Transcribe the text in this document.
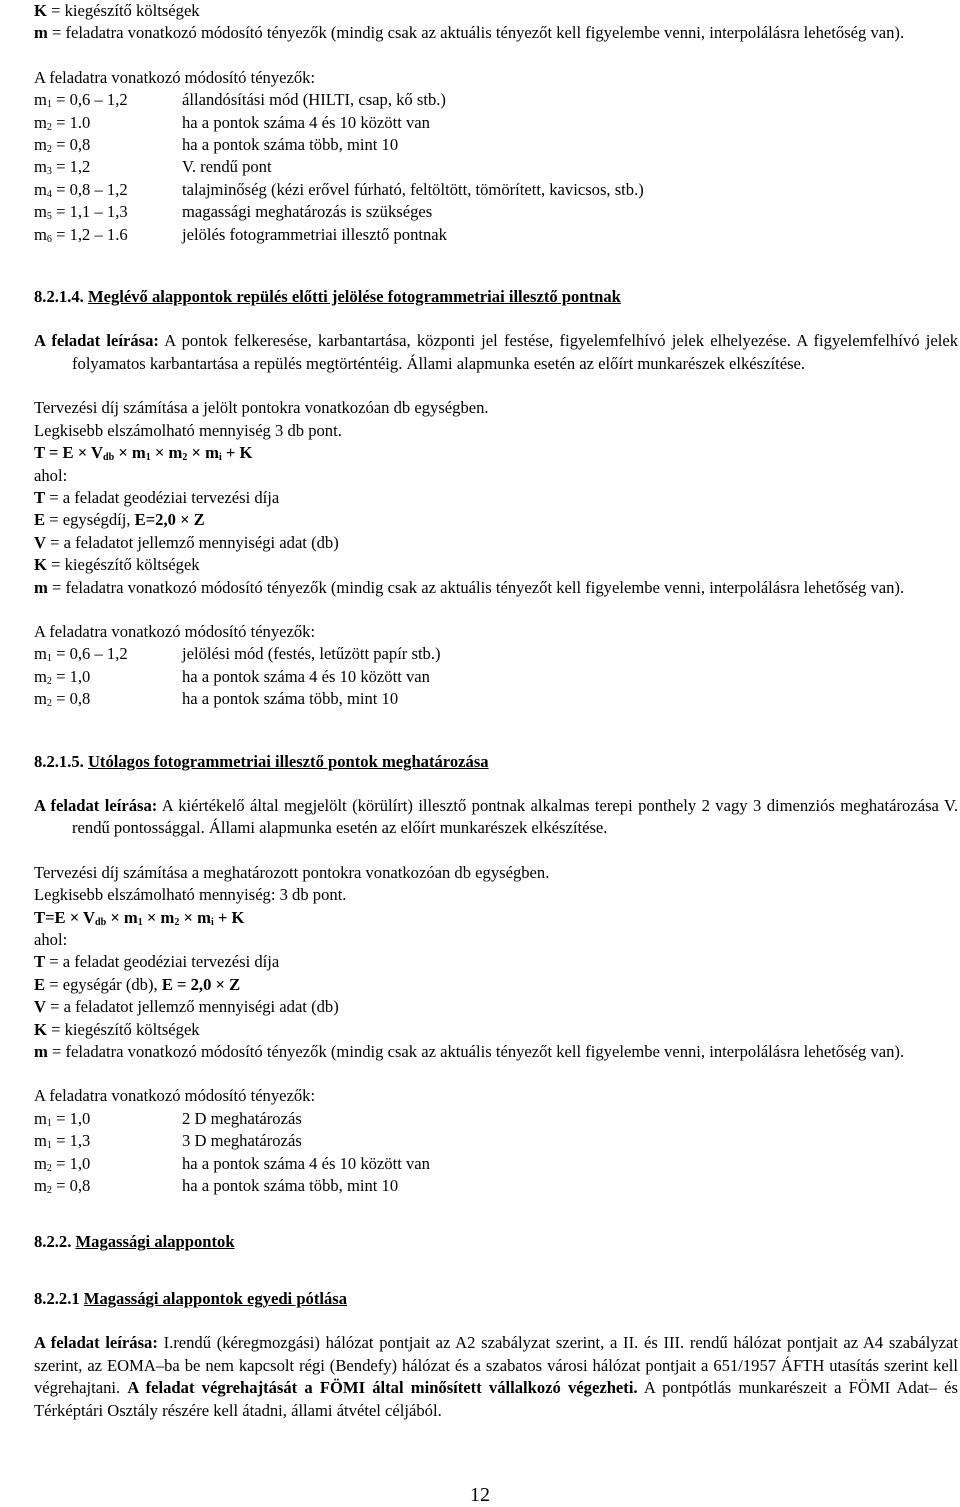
K = kiegészítő költségek

m = feladatra vonatkozó módosító tényezők (mindig csak az aktuális tényezőt kell figyelembe venni, interpolálásra lehetőség van).

A feladatra vonatkozó módosító tényezők:

$m_1 = 0,6 - 1,2$	állandósítási mód (HILTI, csap, kő stb.)
$m_2 = 1.0$	ha a pontok száma 4 és 10 között van
$m_2 = 0,8$	ha a pontok száma több, mint 10
$m_3 = 1,2$	V. rendű pont
$m_4 = 0,8 - 1,2$	talajminőség (kézi erővel fúrható, feltöltött, tömörített, kavicsos, stb.)
$m_5 = 1,1 - 1,3$	magassági meghatározás is szükséges
$m_6 = 1,2 - 1.6$	jelölés fotogrammetriai illesztő pontnak

8.2.1.4. Meglévő alappontok repülés előtti jelölése fotogrammetriai illesztő pontnak

A feladat leírása: A pontok felkeresése, karbantartása, központi jel festése, figyelemfelhívó jelek elhelyezése. A figyelemfelhívó jelek folyamatos karbantartása a repülés megtörténtéig. Állami alapmunka esetén az előírt munkarészek elkészítése.

Tervezési díj számítása a jelölt pontokra vonatkozóan db egységben.

Legkisebb elszámolható mennyiség 3 db pont.

$T = E \times V_{db} \times m_1 \times m_2 \times m_i + K$

ahol:

T = a feladat geodéziai tervezési díja

E = egységdíj, E=2,0 × Z

V = a feladatot jellemző mennyiségi adat (db)

K = kiegészítő költségek

m = feladatra vonatkozó módosító tényezők (mindig csak az aktuális tényezőt kell figyelembe venni, interpolálásra lehetőség van).

A feladatra vonatkozó módosító tényezők:

$m_1 = 0,6 - 1,2$	jelölési mód (festés, letűzött papír stb.)
$m_2 = 1,0$	ha a pontok száma 4 és 10 között van
$m_2 = 0,8$	ha a pontok száma több, mint 10

8.2.1.5. Utólagos fotogrammetriai illesztő pontok meghatározása

A feladat leírása: A kiértékelő által megjelölt (körülírt) illesztő pontnak alkalmas terepi ponthely 2 vagy 3 dimenziós meghatározása V. rendű pontossággal. Állami alapmunka esetén az előírt munkarészek elkészítése.

Tervezési díj számítása a meghatározott pontokra vonatkozóan db egységben.

Legkisebb elszámolható mennyiség: 3 db pont.

$T=E \times V_{db} \times m_1 \times m_2 \times m_i + K$

ahol:

T = a feladat geodéziai tervezési díja

E = egységár (db), E = 2,0 × Z

V = a feladatot jellemző mennyiségi adat (db)

K = kiegészítő költségek

m = feladatra vonatkozó módosító tényezők (mindig csak az aktuális tényezőt kell figyelembe venni, interpolálásra lehetőség van).

A feladatra vonatkozó módosító tényezők:

$m_1 = 1,0$	2 D meghatározás
$m_1 = 1,3$	3 D meghatározás
$m_2 = 1,0$	ha a pontok száma 4 és 10 között van
$m_2 = 0,8$	ha a pontok száma több, mint 10

8.2.2. Magassági alappontok

8.2.2.1 Magassági alappontok egyedi pótlása

A feladat leírása: I.rendű (kéregmozgási) hálózat pontjait az A2 szabályzat szerint, a II. és III. rendű hálózat pontjait az A4 szabályzat szerint, az EOMA–ba be nem kapcsolt régi (Bendefy) hálózat és a szabatos városi hálózat pontjait a 651/1957 ÁFTH utasítás szerint kell végrehajtani. A feladat végrehajtását a FÖMI által minősített vállalkozó végezheti. A pontpótlás munkarészeit a FÖMI Adat– és Térképtári Osztály részére kell átadni, állami átvétel céljából.

12
